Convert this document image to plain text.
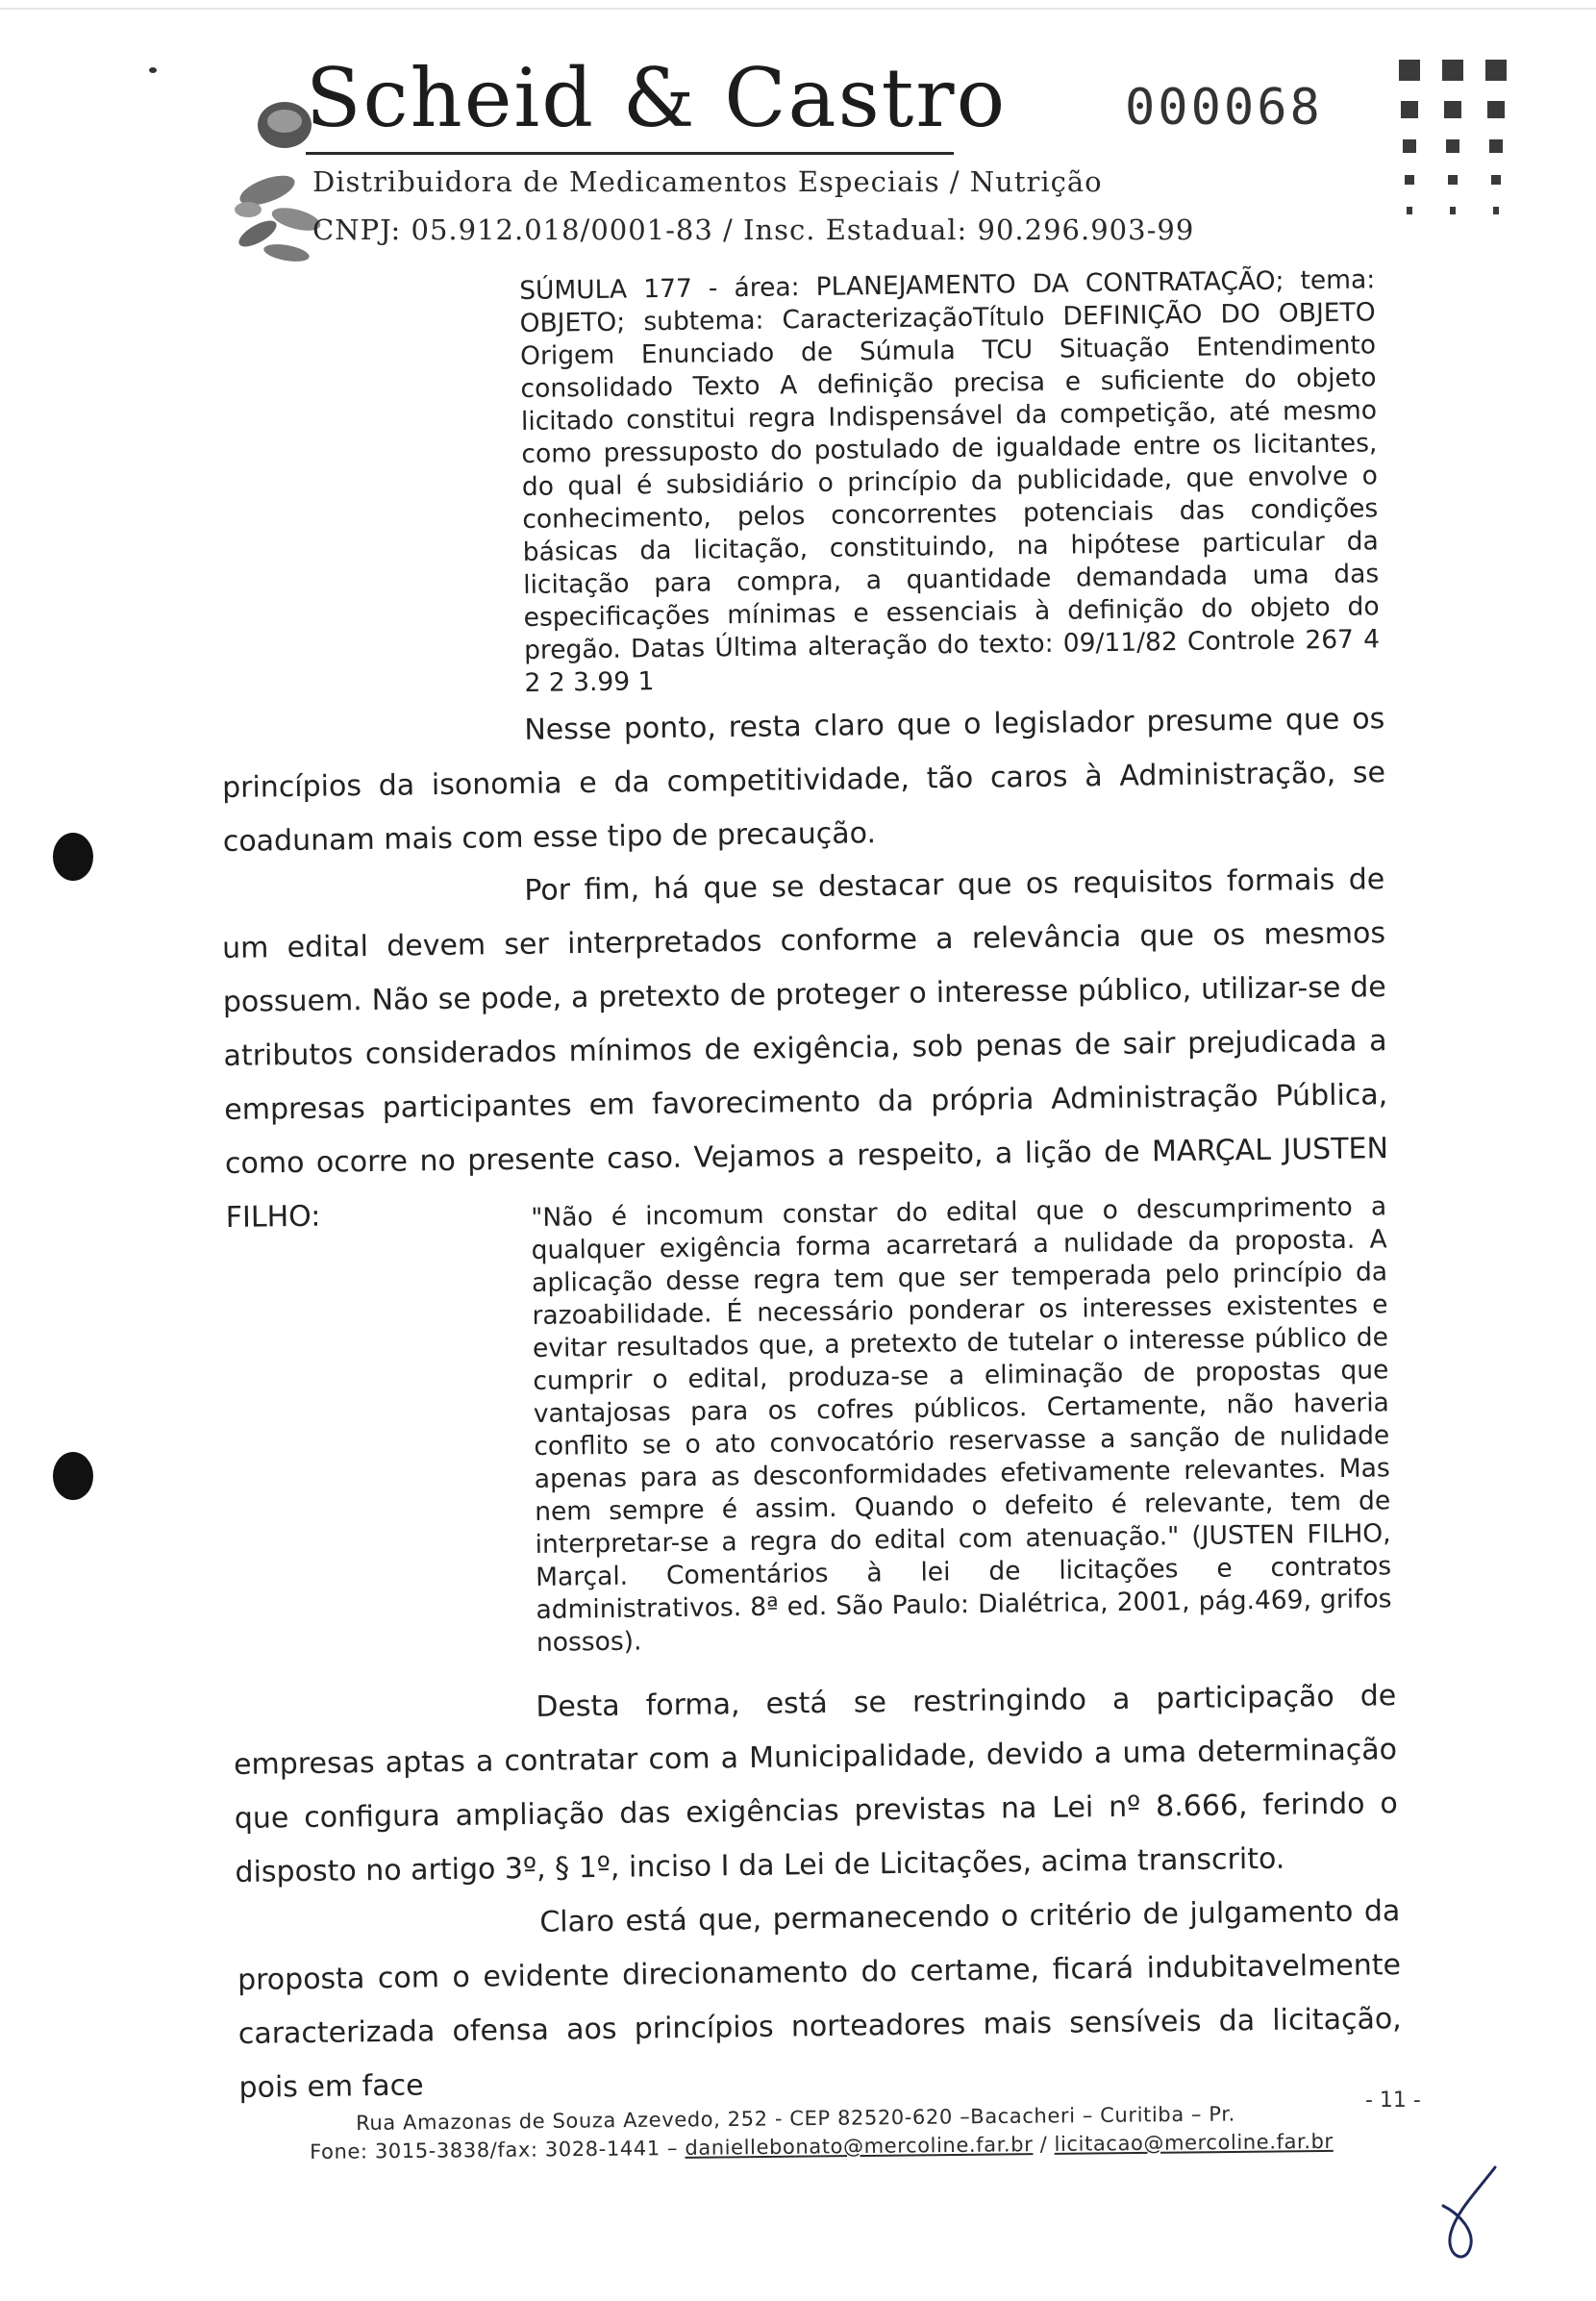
Scheid & Castro
Distribuidora de Medicamentos Especiais / Nutrição
CNPJ: 05.912.018/0001-83 / Insc. Estadual: 90.296.903-99
000068
SÚMULA 177 - área: PLANEJAMENTO DA CONTRATAÇÃO; tema: OBJETO; subtema: CaracterizaçãoTítulo DEFINIÇÃO DO OBJETO Origem Enunciado de Súmula TCU Situação Entendimento consolidado Texto A definição precisa e suficiente do objeto licitado constitui regra Indispensável da competição, até mesmo como pressuposto do postulado de igualdade entre os licitantes, do qual é subsidiário o princípio da publicidade, que envolve o conhecimento, pelos concorrentes potenciais das condições básicas da licitação, constituindo, na hipótese particular da licitação para compra, a quantidade demandada uma das especificações mínimas e essenciais à definição do objeto do pregão. Datas Última alteração do texto: 09/11/82 Controle 267 4 2 2 3.99 1
Nesse ponto, resta claro que o legislador presume que os princípios da isonomia e da competitividade, tão caros à Administração, se coadunam mais com esse tipo de precaução.
Por fim, há que se destacar que os requisitos formais de um edital devem ser interpretados conforme a relevância que os mesmos possuem. Não se pode, a pretexto de proteger o interesse público, utilizar-se de atributos considerados mínimos de exigência, sob penas de sair prejudicada a empresas participantes em favorecimento da própria Administração Pública, como ocorre no presente caso. Vejamos a respeito, a lição de MARÇAL JUSTEN FILHO:	"Não é incomum constar do edital que o descumprimento a qualquer exigência forma acarretará a nulidade da proposta. A aplicação desse regra tem que ser temperada pelo princípio da razoabilidade. É necessário ponderar os interesses existentes e evitar resultados que, a pretexto de tutelar o interesse público de cumprir o edital, produza-se a eliminação de propostas que vantajosas para os cofres públicos. Certamente, não haveria conflito se o ato convocatório reservasse a sanção de nulidade apenas para as desconformidades efetivamente relevantes. Mas nem sempre é assim. Quando o defeito é relevante, tem de interpretar-se a regra do edital com atenuação." (JUSTEN FILHO, Marçal. Comentários à lei de licitações e contratos administrativos. 8ª ed. São Paulo: Dialétrica, 2001, pág.469, grifos nossos).
Desta forma, está se restringindo a participação de empresas aptas a contratar com a Municipalidade, devido a uma determinação que configura ampliação das exigências previstas na Lei nº 8.666, ferindo o disposto no artigo 3º, § 1º, inciso I da Lei de Licitações, acima transcrito.
Claro está que, permanecendo o critério de julgamento da proposta com o evidente direcionamento do certame, ficará indubitavelmente caracterizada ofensa aos princípios norteadores mais sensíveis da licitação, pois em face	- 11 -
Rua Amazonas de Souza Azevedo, 252 - CEP 82520-620 –Bacacheri – Curitiba – Pr.
Fone: 3015-3838/fax: 3028-1441 – daniellebonato@mercoline.far.br / licitacao@mercoline.far.br
